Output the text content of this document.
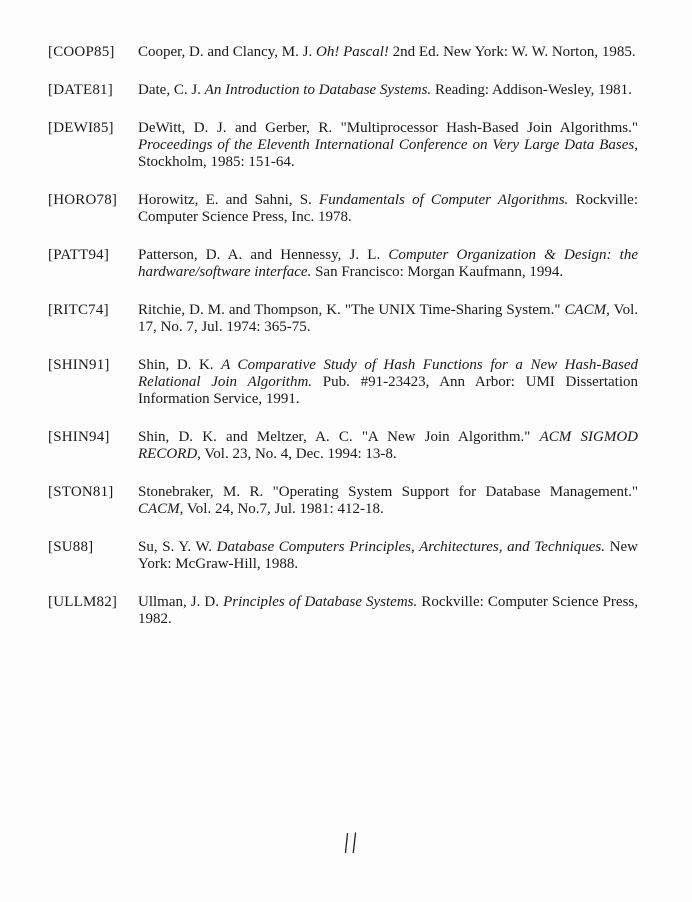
[COOP85]	Cooper, D. and Clancy, M. J. Oh! Pascal! 2nd Ed. New York: W. W. Norton, 1985.
[DATE81]	Date, C. J. An Introduction to Database Systems. Reading: Addison-Wesley, 1981.
[DEWI85]	DeWitt, D. J. and Gerber, R. "Multiprocessor Hash-Based Join Algorithms." Proceedings of the Eleventh International Conference on Very Large Data Bases, Stockholm, 1985: 151-64.
[HORO78]	Horowitz, E. and Sahni, S. Fundamentals of Computer Algorithms. Rockville: Computer Science Press, Inc. 1978.
[PATT94]	Patterson, D. A. and Hennessy, J. L. Computer Organization & Design: the hardware/software interface. San Francisco: Morgan Kaufmann, 1994.
[RITC74]	Ritchie, D. M. and Thompson, K. "The UNIX Time-Sharing System." CACM, Vol. 17, No. 7, Jul. 1974: 365-75.
[SHIN91]	Shin, D. K. A Comparative Study of Hash Functions for a New Hash-Based Relational Join Algorithm. Pub. #91-23423, Ann Arbor: UMI Dissertation Information Service, 1991.
[SHIN94]	Shin, D. K. and Meltzer, A. C. "A New Join Algorithm." ACM SIGMOD RECORD, Vol. 23, No. 4, Dec. 1994: 13-8.
[STON81]	Stonebraker, M. R. "Operating System Support for Database Management." CACM, Vol. 24, No.7, Jul. 1981: 412-18.
[SU88]	Su, S. Y. W. Database Computers Principles, Architectures, and Techniques. New York: McGraw-Hill, 1988.
[ULLM82]	Ullman, J. D. Principles of Database Systems. Rockville: Computer Science Press, 1982.
